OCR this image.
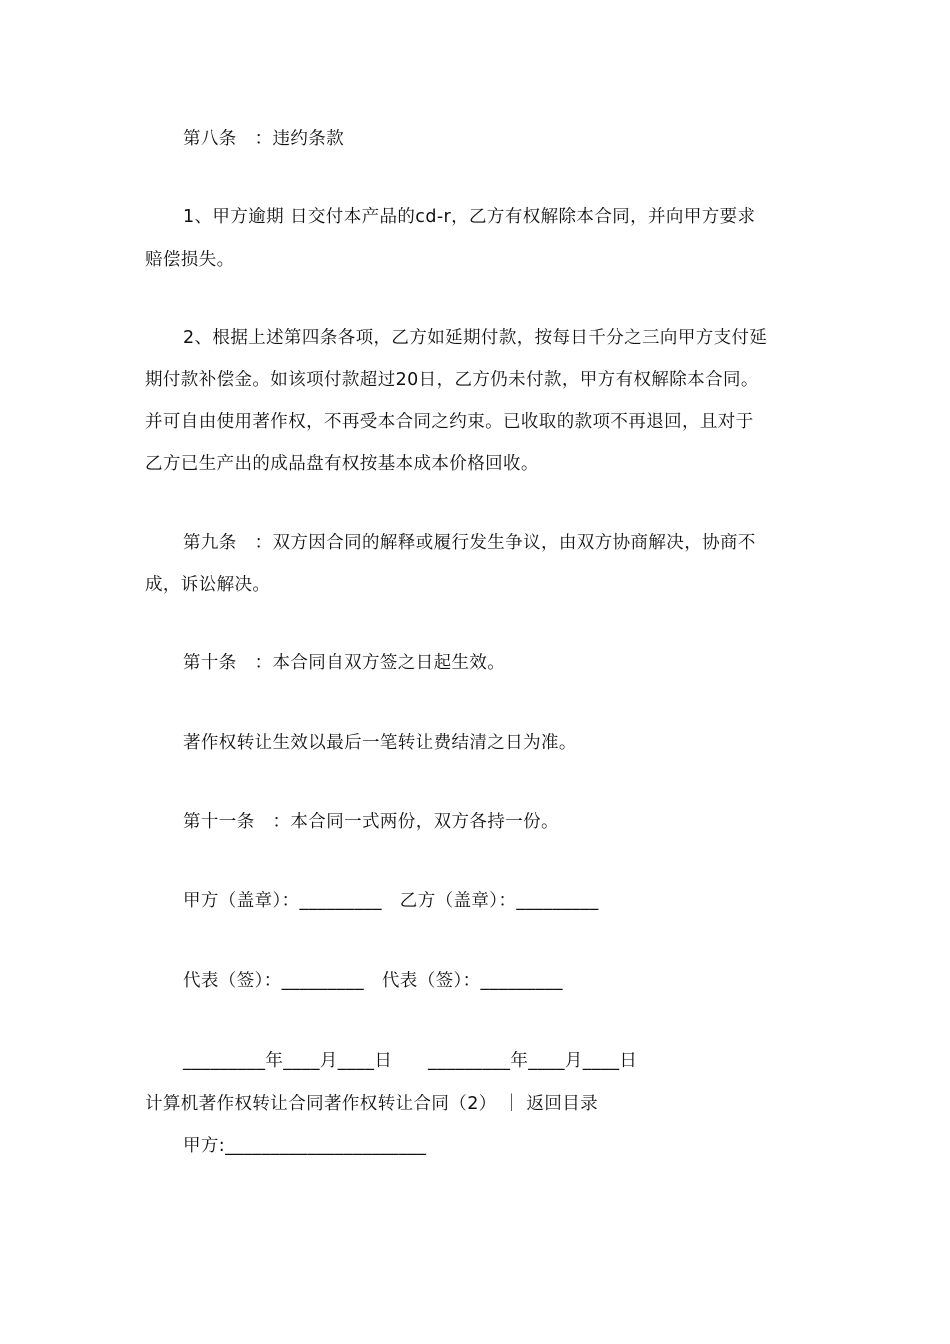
第八条　：违约条款
1、甲方逾期 日交付本产品的cd-r，乙方有权解除本合同，并向甲方要求
赔偿损失。
2、根据上述第四条各项，乙方如延期付款，按每日千分之三向甲方支付延
期付款补偿金。如该项付款超过20日，乙方仍未付款，甲方有权解除本合同。
并可自由使用著作权，不再受本合同之约束。已收取的款项不再退回，且对于
乙方已生产出的成品盘有权按基本成本价格回收。
第九条　：双方因合同的解释或履行发生争议，由双方协商解决，协商不
成，诉讼解决。
第十条　：本合同自双方签之日起生效。
著作权转让生效以最后一笔转让费结清之日为准。
第十一条　：本合同一式两份，双方各持一份。
甲方（盖章）：_________　乙方（盖章）：_________
代表（签）：_________　代表（签）：_________
_________年____月____日　　_________年____月____日
计算机著作权转让合同著作权转让合同（2） ｜ 返回目录
甲方:______________________
